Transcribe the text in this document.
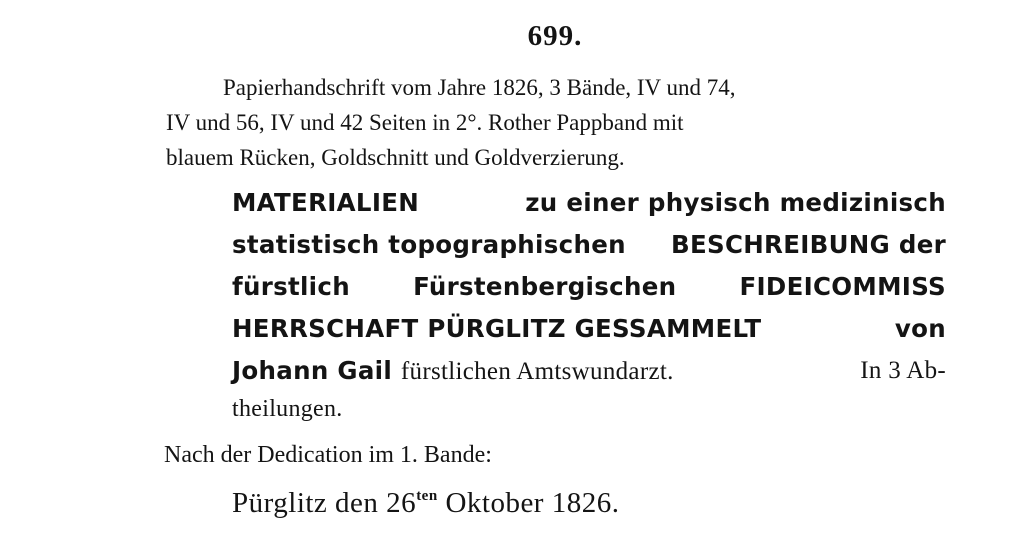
699.
Papierhandschrift vom Jahre 1826, 3 Bände, IV und 74,
IV und 56, IV und 42 Seiten in 2°. Rother Pappband mit
blauem Rücken, Goldschnitt und Goldverzierung.
MATERIALIEN	zu einer physisch medizinisch
statistisch topographischen BESCHREIBUNG der
fürstlich	Fürstenbergischen	FIDEICOMMISS
HERRSCHAFT PÜRGLITZ GESSAMMELT	von
Johann Gail fürstlichen Amtswundarzt.	In 3 Ab-
theilungen.

Nach der Dedication im 1. Bande:

Pürglitz den $26^{ten}$ Oktober 1826.
